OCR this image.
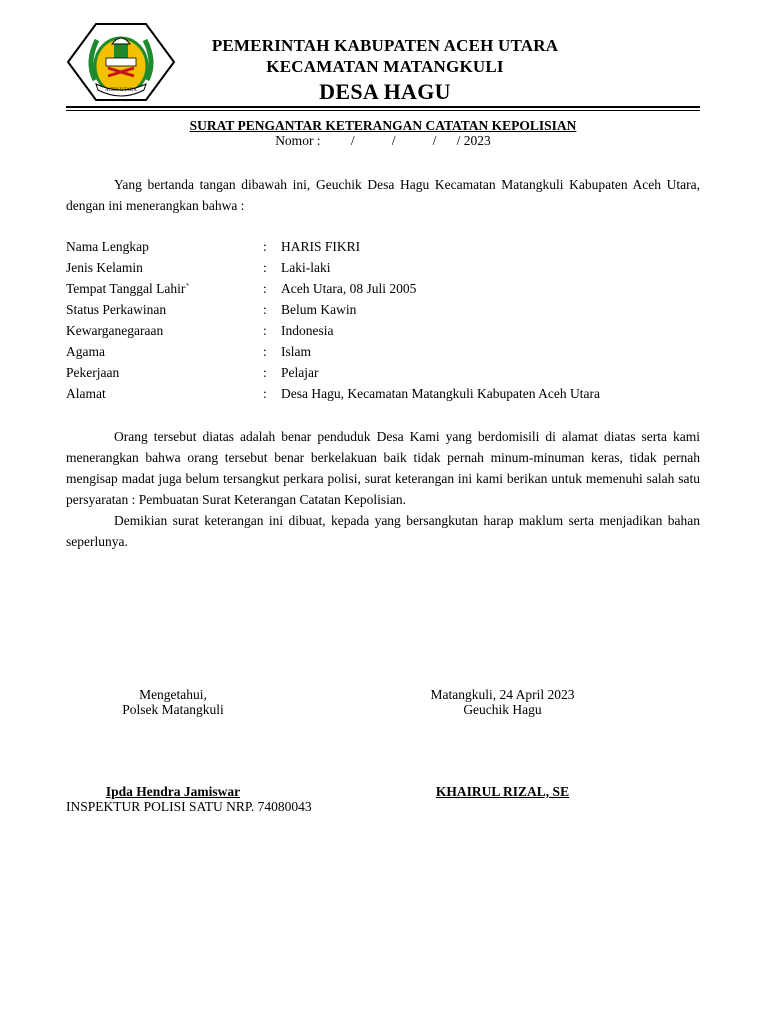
ACEH UTARA
PEMERINTAH KABUPATEN ACEH UTARA
KECAMATAN MATANGKULI
DESA HAGU
SURAT PENGANTAR KETERANGAN CATATAN KEPOLISIAN
Nomor :         /           /           /      / 2023
Yang bertanda tangan dibawah ini, Geuchik Desa Hagu Kecamatan Matangkuli Kabupaten Aceh Utara, dengan ini menerangkan bahwa :
Nama Lengkap	: HARIS FIKRI
Jenis Kelamin	: Laki-laki
Tempat Tanggal Lahir`	: Aceh Utara, 08 Juli 2005
Status Perkawinan	: Belum Kawin
Kewarganegaraan	: Indonesia
Agama	: Islam
Pekerjaan	: Pelajar
Alamat	: Desa Hagu, Kecamatan Matangkuli Kabupaten Aceh Utara
Orang tersebut diatas adalah benar penduduk Desa Kami yang berdomisili di alamat diatas serta kami menerangkan bahwa orang tersebut benar berkelakuan baik tidak pernah minum-minuman keras, tidak pernah mengisap madat juga belum tersangkut perkara polisi, surat keterangan ini kami berikan untuk memenuhi salah satu persyaratan : Pembuatan Surat Keterangan Catatan Kepolisian.
Demikian surat keterangan ini dibuat, kepada yang bersangkutan harap maklum serta menjadikan bahan seperlunya.
Mengetahui,
Polsek Matangkuli
Ipda Hendra Jamiswar
INSPEKTUR POLISI SATU NRP. 74080043
Matangkuli, 24 April 2023
Geuchik Hagu
KHAIRUL RIZAL, SE
